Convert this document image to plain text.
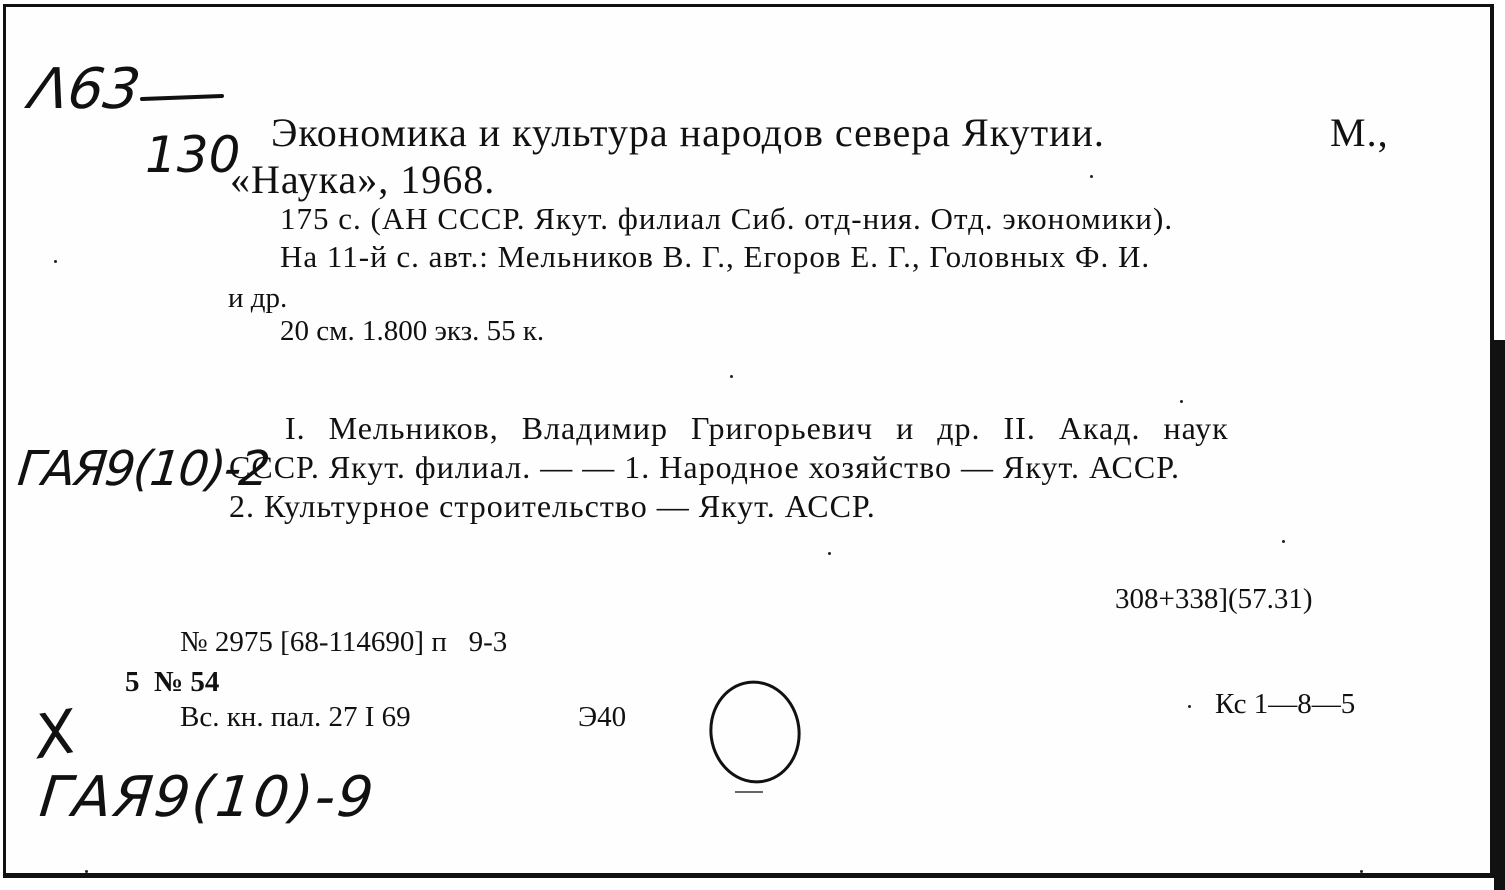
Λ63
130 Экономика и культура народов севера Якутии.	М.,
«Наука», 1968.
175 с. (АН СССР. Якут. филиал Сиб. отд-ния. Отд. экономики).
На 11-й с. авт.: Мельников В. Г., Егоров Е. Г., Головных Ф. И.
и др.
20 см. 1.800 экз. 55 к.
I. Мельников, Владимир Григорьевич и др. II. Акад. наук
ГАЯ9(10)-2
СССР. Якут. филиал. — — 1. Народное хозяйство — Якут. АССР.
2. Культурное строительство — Якут. АССР.
308+338](57.31)
№ 2975 [68-114690] п   9-3
5  № 54
Вс. кн. пал. 27 I 69	Э40	Кс 1—8—5
X
ГАЯ9(10)-9
